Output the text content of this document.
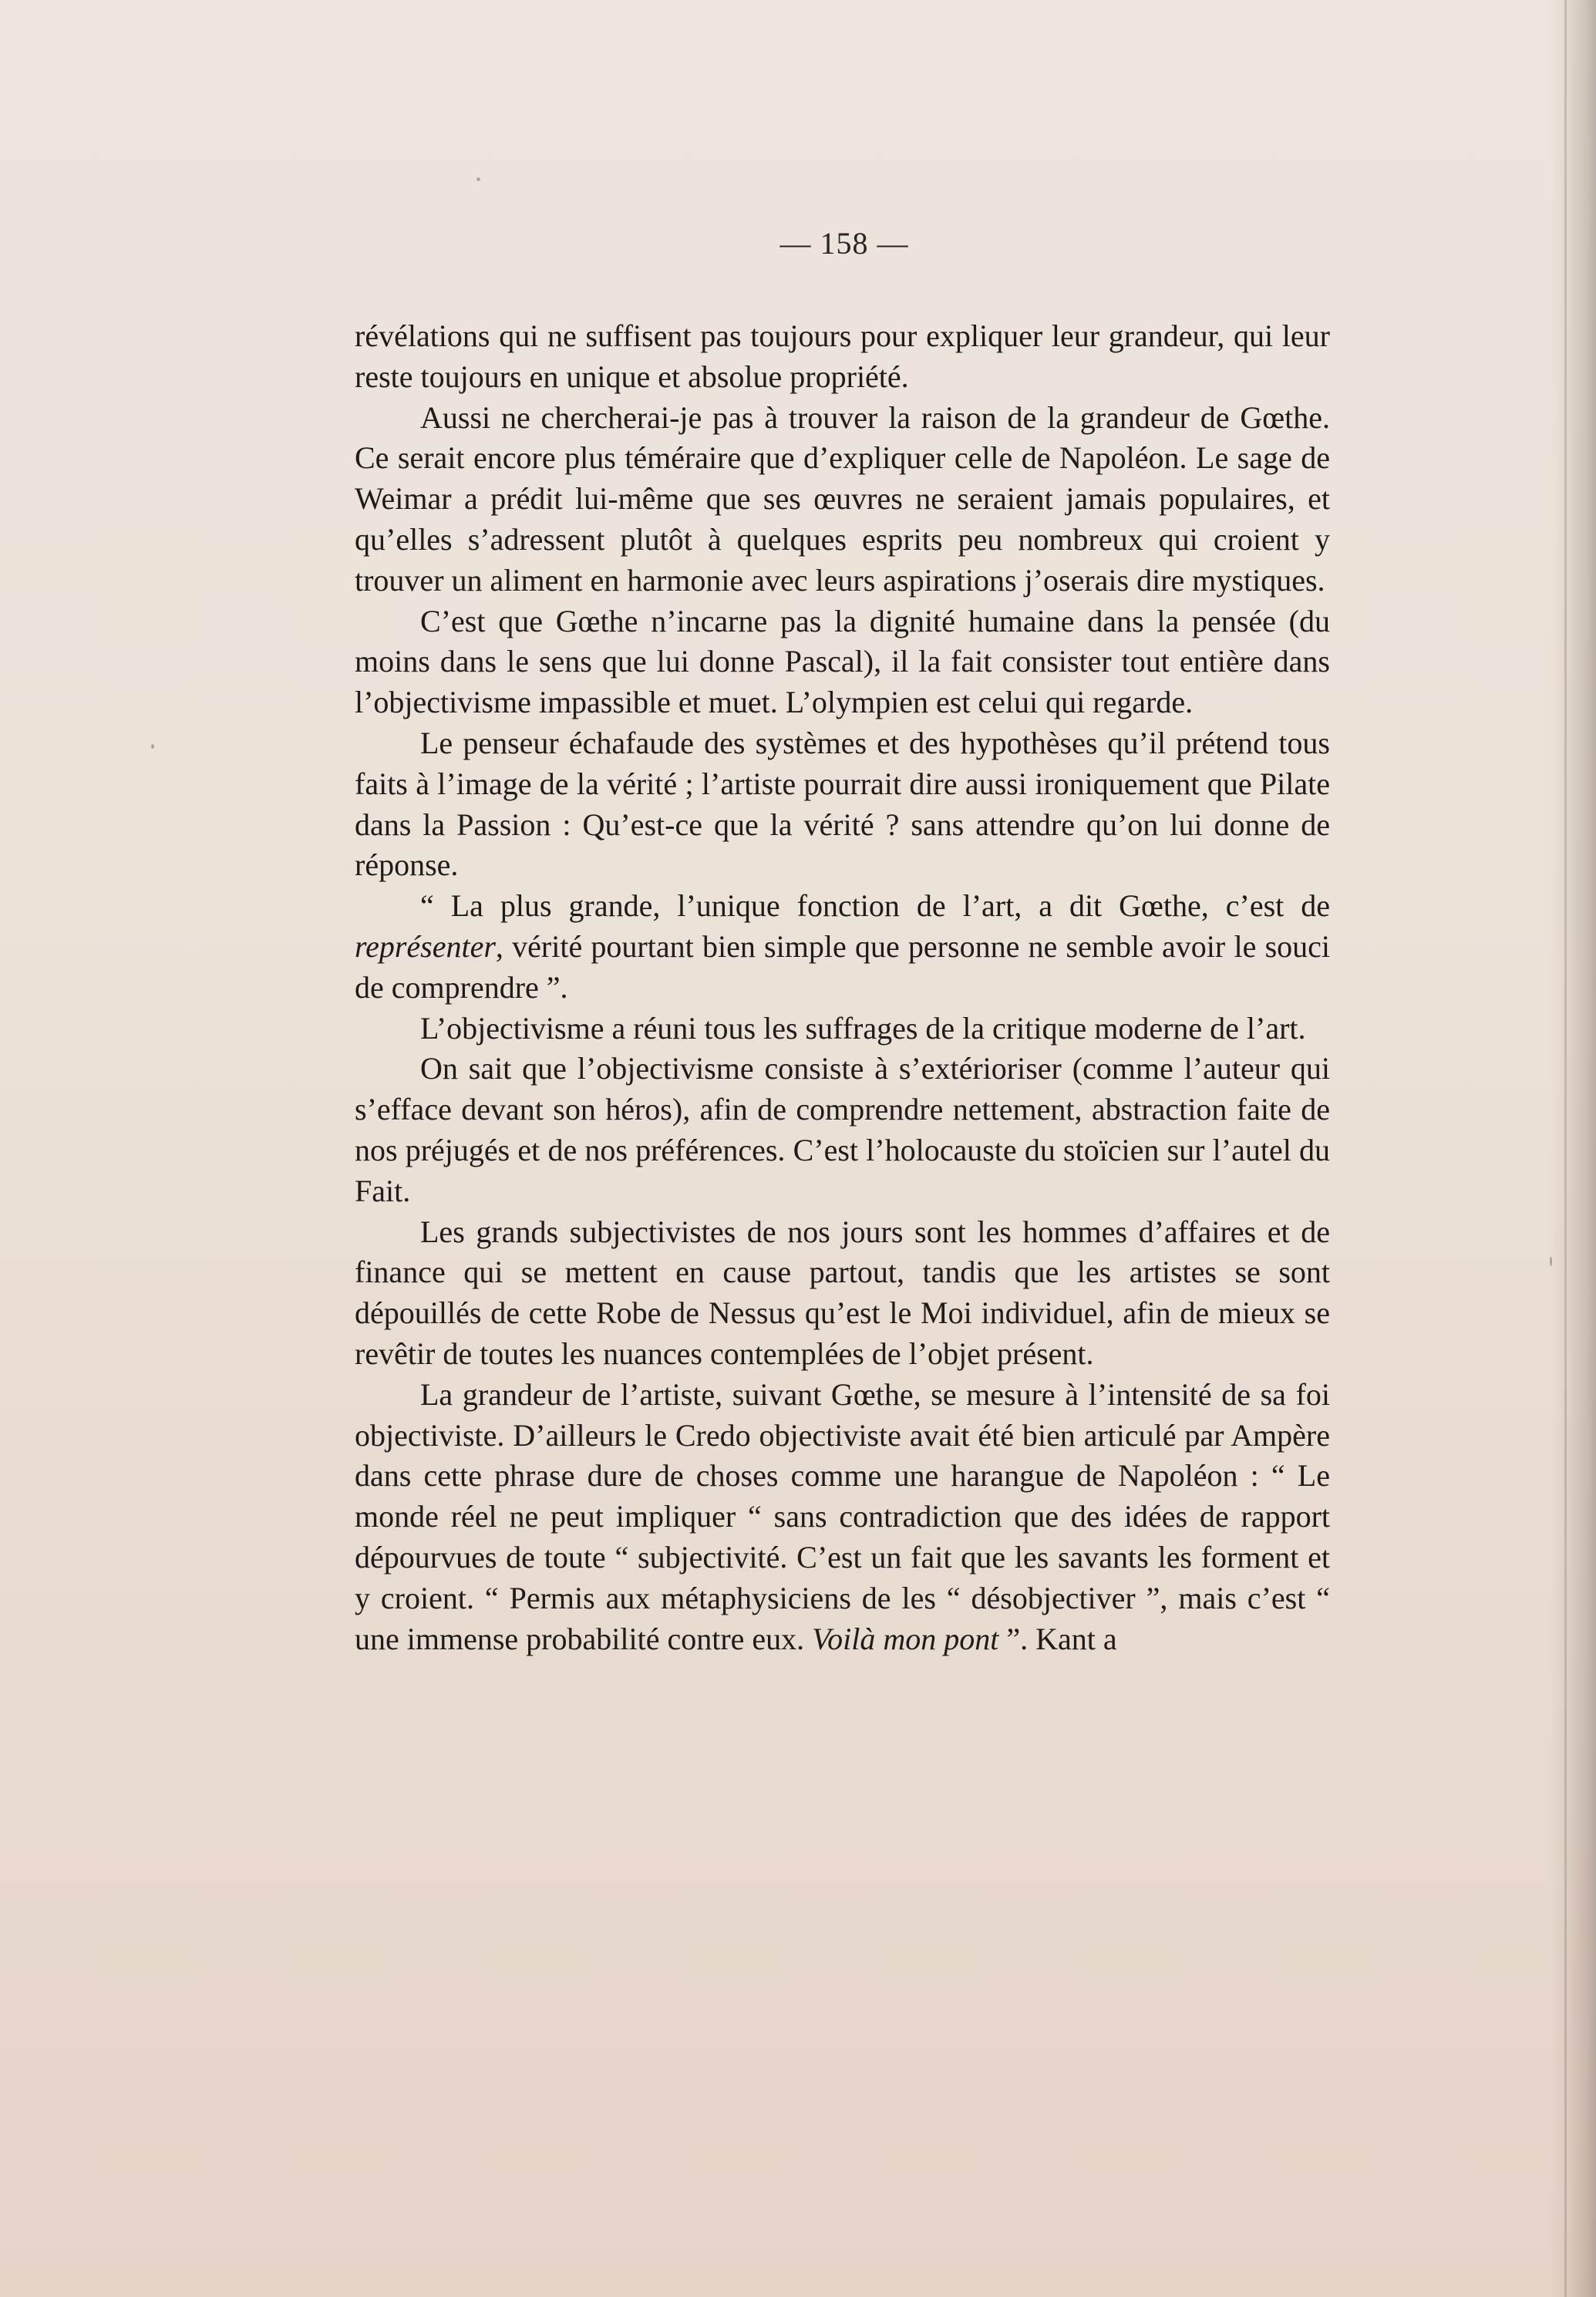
— 158 —

révélations qui ne suffisent pas toujours pour expliquer leur grandeur, qui leur reste toujours en unique et absolue propriété.

Aussi ne chercherai-je pas à trouver la raison de la grandeur de Gœthe. Ce serait encore plus téméraire que d’expliquer celle de Napoléon. Le sage de Weimar a prédit lui-même que ses œuvres ne seraient jamais populaires, et qu’elles s’adressent plutôt à quelques esprits peu nombreux qui croient y trouver un aliment en harmonie avec leurs aspirations j’oserais dire mystiques.

C’est que Gœthe n’incarne pas la dignité humaine dans la pensée (du moins dans le sens que lui donne Pascal), il la fait consister tout entière dans l’objectivisme impassible et muet. L’olympien est celui qui regarde.

Le penseur échafaude des systèmes et des hypothèses qu’il prétend tous faits à l’image de la vérité ; l’artiste pourrait dire aussi ironiquement que Pilate dans la Passion : Qu’est-ce que la vérité ? sans attendre qu’on lui donne de réponse.

“ La plus grande, l’unique fonction de l’art, a dit Gœthe, c’est de représenter, vérité pourtant bien simple que personne ne semble avoir le souci de comprendre ”.

L’objectivisme a réuni tous les suffrages de la critique moderne de l’art.

On sait que l’objectivisme consiste à s’extérioriser (comme l’auteur qui s’efface devant son héros), afin de comprendre nettement, abstraction faite de nos préjugés et de nos préférences. C’est l’holocauste du stoïcien sur l’autel du Fait.

Les grands subjectivistes de nos jours sont les hommes d’affaires et de finance qui se mettent en cause partout, tandis que les artistes se sont dépouillés de cette Robe de Nessus qu’est le Moi individuel, afin de mieux se revêtir de toutes les nuances contemplées de l’objet présent.

La grandeur de l’artiste, suivant Gœthe, se mesure à l’intensité de sa foi objectiviste. D’ailleurs le Credo objectiviste avait été bien articulé par Ampère dans cette phrase dure de choses comme une harangue de Napoléon : “ Le monde réel ne peut impliquer “ sans contradiction que des idées de rapport dépourvues de toute “ subjectivité. C’est un fait que les savants les forment et y croient. “ Permis aux métaphysiciens de les “ désobjectiver ”, mais c’est “ une immense probabilité contre eux. Voilà mon pont ”. Kant a
